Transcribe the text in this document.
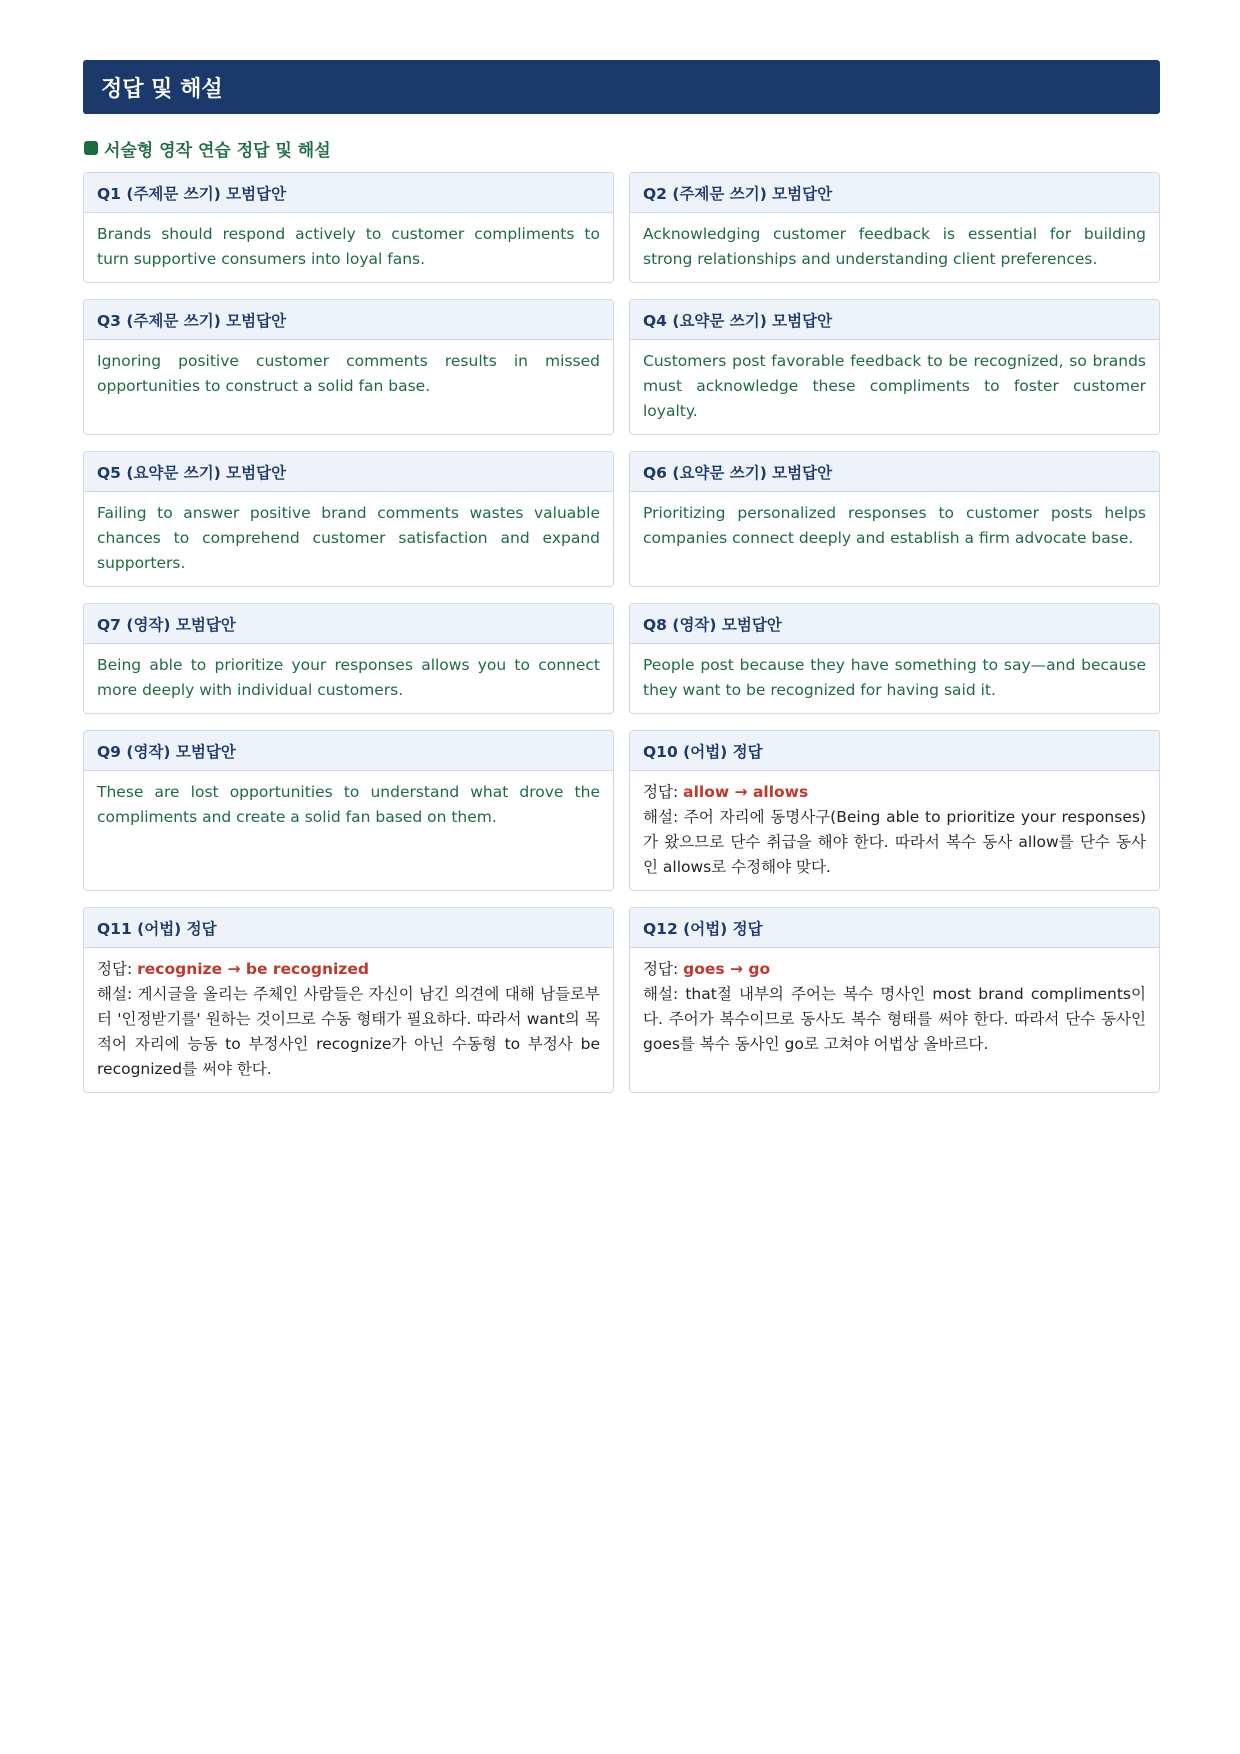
정답 및 해설
서술형 영작 연습 정답 및 해설
Q1 (주제문 쓰기) 모범답안
Brands should respond actively to customer compliments to turn supportive consumers into loyal fans.
Q2 (주제문 쓰기) 모범답안
Acknowledging customer feedback is essential for building strong relationships and understanding client preferences.
Q3 (주제문 쓰기) 모범답안
Ignoring positive customer comments results in missed opportunities to construct a solid fan base.
Q4 (요약문 쓰기) 모범답안
Customers post favorable feedback to be recognized, so brands must acknowledge these compliments to foster customer loyalty.
Q5 (요약문 쓰기) 모범답안
Failing to answer positive brand comments wastes valuable chances to comprehend customer satisfaction and expand supporters.
Q6 (요약문 쓰기) 모범답안
Prioritizing personalized responses to customer posts helps companies connect deeply and establish a firm advocate base.
Q7 (영작) 모범답안
Being able to prioritize your responses allows you to connect more deeply with individual customers.
Q8 (영작) 모범답안
People post because they have something to say—and because they want to be recognized for having said it.
Q9 (영작) 모범답안
These are lost opportunities to understand what drove the compliments and create a solid fan based on them.
Q10 (어법) 정답
정답: allow → allows
해설: 주어 자리에 동명사구(Being able to prioritize your responses)가 왔으므로 단수 취급을 해야 한다. 따라서 복수 동사 allow를 단수 동사인 allows로 수정해야 맞다.
Q11 (어법) 정답
정답: recognize → be recognized
해설: 게시글을 올리는 주체인 사람들은 자신이 남긴 의견에 대해 남들로부터 '인정받기를' 원하는 것이므로 수동 형태가 필요하다. 따라서 want의 목적어 자리에 능동 to 부정사인 recognize가 아닌 수동형 to 부정사 be recognized를 써야 한다.
Q12 (어법) 정답
정답: goes → go
해설: that절 내부의 주어는 복수 명사인 most brand compliments이다. 주어가 복수이므로 동사도 복수 형태를 써야 한다. 따라서 단수 동사인 goes를 복수 동사인 go로 고쳐야 어법상 올바르다.
